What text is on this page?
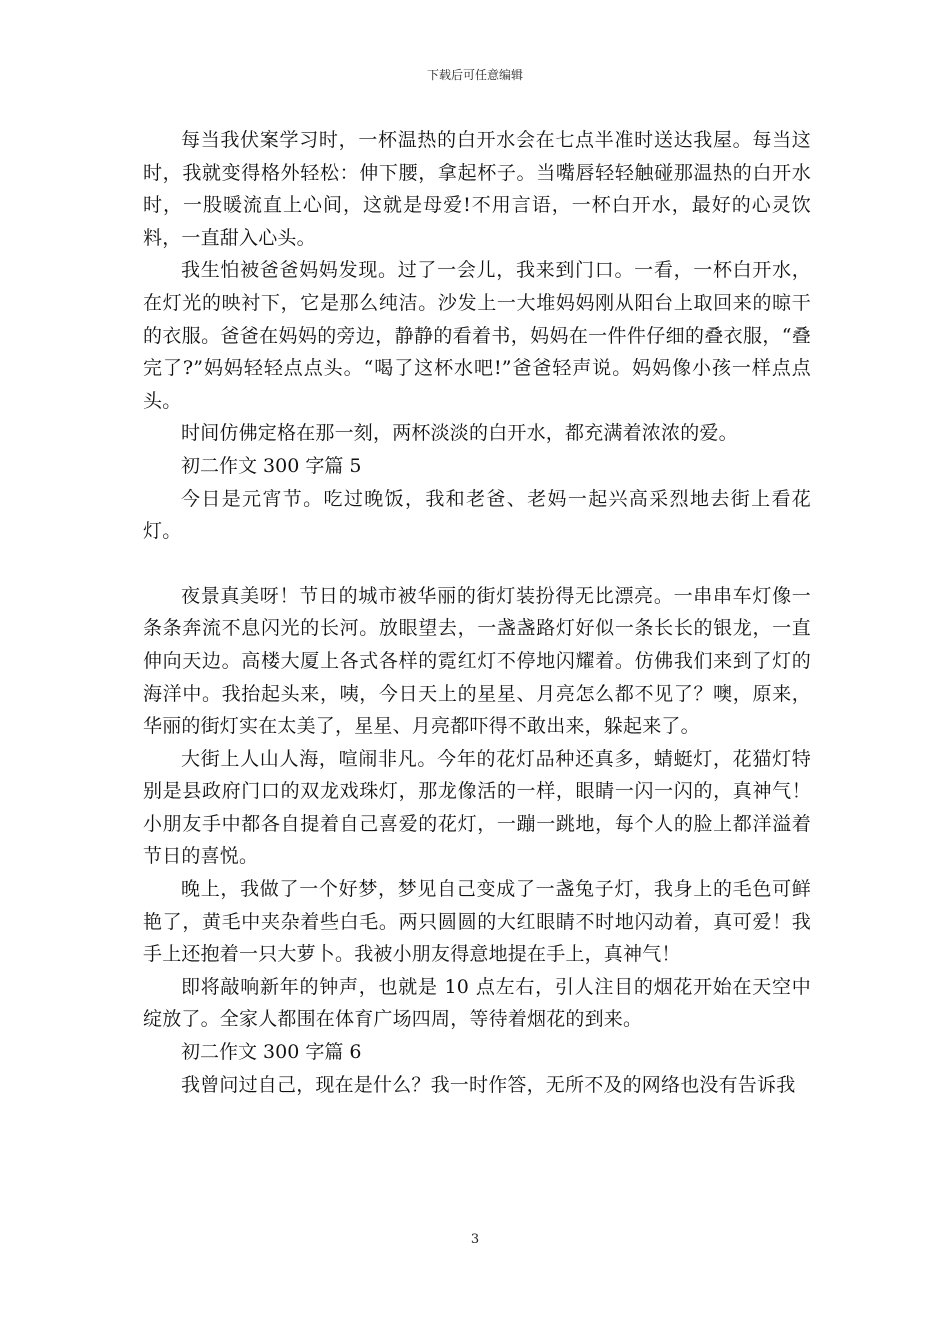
下载后可任意编辑

每当我伏案学习时，一杯温热的白开水会在七点半准时送达我屋。每当这时，我就变得格外轻松：伸下腰，拿起杯子。当嘴唇轻轻触碰那温热的白开水时，一股暖流直上心间，这就是母爱!不用言语，一杯白开水，最好的心灵饮料，一直甜入心头。

我生怕被爸爸妈妈发现。过了一会儿，我来到门口。一看，一杯白开水，在灯光的映衬下，它是那么纯洁。沙发上一大堆妈妈刚从阳台上取回来的晾干的衣服。爸爸在妈妈的旁边，静静的看着书，妈妈在一件件仔细的叠衣服，“叠完了?”妈妈轻轻点点头。“喝了这杯水吧!”爸爸轻声说。妈妈像小孩一样点点头。

时间仿佛定格在那一刻，两杯淡淡的白开水，都充满着浓浓的爱。

初二作文 300 字篇 5

今日是元宵节。吃过晚饭，我和老爸、老妈一起兴高采烈地去街上看花灯。

夜景真美呀！节日的城市被华丽的街灯装扮得无比漂亮。一串串车灯像一条条奔流不息闪光的长河。放眼望去，一盏盏路灯好似一条长长的银龙，一直伸向天边。高楼大厦上各式各样的霓红灯不停地闪耀着。仿佛我们来到了灯的海洋中。我抬起头来，咦，今日天上的星星、月亮怎么都不见了？噢，原来，华丽的街灯实在太美了，星星、月亮都吓得不敢出来，躲起来了。

大街上人山人海，喧闹非凡。今年的花灯品种还真多，蜻蜓灯，花猫灯特别是县政府门口的双龙戏珠灯，那龙像活的一样，眼睛一闪一闪的，真神气！小朋友手中都各自提着自己喜爱的花灯，一蹦一跳地，每个人的脸上都洋溢着节日的喜悦。

晚上，我做了一个好梦，梦见自己变成了一盏兔子灯，我身上的毛色可鲜艳了，黄毛中夹杂着些白毛。两只圆圆的大红眼睛不时地闪动着，真可爱！我手上还抱着一只大萝卜。我被小朋友得意地提在手上，真神气！

即将敲响新年的钟声，也就是 10 点左右，引人注目的烟花开始在天空中绽放了。全家人都围在体育广场四周，等待着烟花的到来。

初二作文 300 字篇 6

我曾问过自己，现在是什么？我一时作答，无所不及的网络也没有告诉我

3
